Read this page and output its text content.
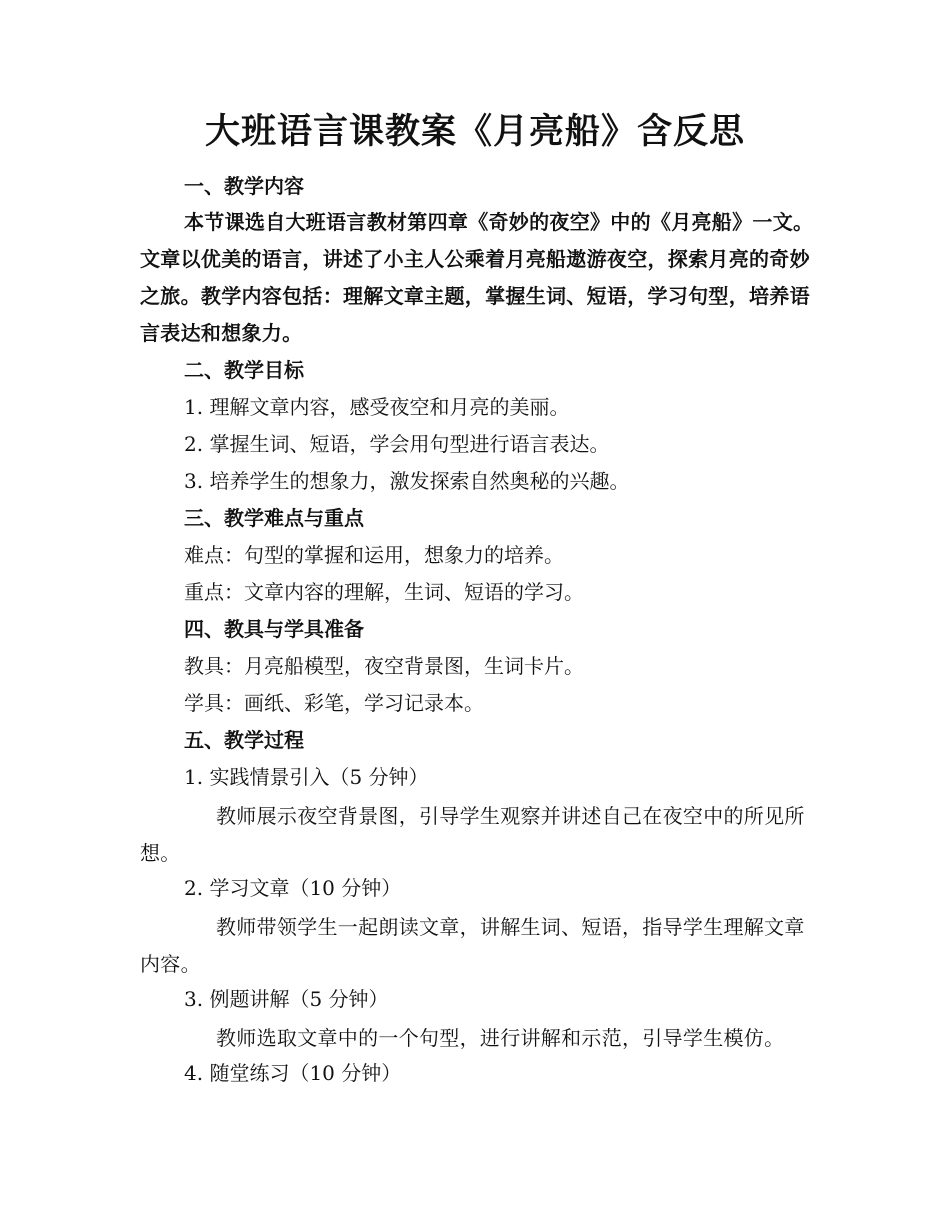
大班语言课教案《月亮船》含反思
一、教学内容
本节课选自大班语言教材第四章《奇妙的夜空》中的《月亮船》一文。文章以优美的语言，讲述了小主人公乘着月亮船遨游夜空，探索月亮的奇妙之旅。教学内容包括：理解文章主题，掌握生词、短语，学习句型，培养语言表达和想象力。
二、教学目标
1. 理解文章内容，感受夜空和月亮的美丽。
2. 掌握生词、短语，学会用句型进行语言表达。
3. 培养学生的想象力，激发探索自然奥秘的兴趣。
三、教学难点与重点
难点：句型的掌握和运用，想象力的培养。
重点：文章内容的理解，生词、短语的学习。
四、教具与学具准备
教具：月亮船模型，夜空背景图，生词卡片。
学具：画纸、彩笔，学习记录本。
五、教学过程
1. 实践情景引入（5 分钟）
教师展示夜空背景图，引导学生观察并讲述自己在夜空中的所见所想。
2. 学习文章（10 分钟）
教师带领学生一起朗读文章，讲解生词、短语，指导学生理解文章内容。
3. 例题讲解（5 分钟）
教师选取文章中的一个句型，进行讲解和示范，引导学生模仿。
4. 随堂练习（10 分钟）
